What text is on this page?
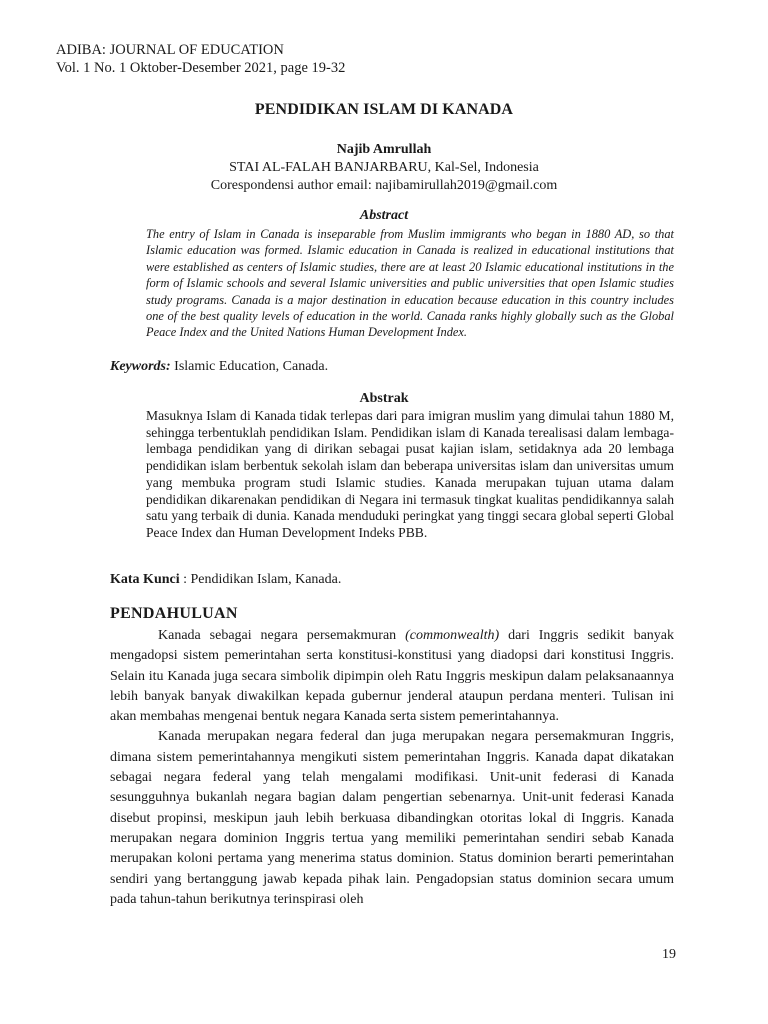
ADIBA: JOURNAL OF EDUCATION
Vol. 1 No. 1 Oktober-Desember 2021, page 19-32
PENDIDIKAN ISLAM DI KANADA
Najib Amrullah
STAI AL-FALAH BANJARBARU, Kal-Sel, Indonesia
Corespondensi author email: najibamirullah2019@gmail.com
Abstract
The entry of Islam in Canada is inseparable from Muslim immigrants who began in 1880 AD, so that Islamic education was formed. Islamic education in Canada is realized in educational institutions that were established as centers of Islamic studies, there are at least 20 Islamic educational institutions in the form of Islamic schools and several Islamic universities and public universities that open Islamic studies study programs. Canada is a major destination in education because education in this country includes one of the best quality levels of education in the world. Canada ranks highly globally such as the Global Peace Index and the United Nations Human Development Index.
Keywords: Islamic Education, Canada.
Abstrak
Masuknya Islam di Kanada tidak terlepas dari para imigran muslim yang dimulai tahun 1880 M, sehingga terbentuklah pendidikan Islam. Pendidikan islam di Kanada terealisasi dalam lembaga-lembaga pendidikan yang di dirikan sebagai pusat kajian islam, setidaknya ada 20 lembaga pendidikan islam berbentuk sekolah islam dan beberapa universitas islam dan universitas umum yang membuka program studi Islamic studies. Kanada merupakan tujuan utama dalam pendidikan dikarenakan pendidikan di Negara ini termasuk tingkat kualitas pendidikannya salah satu yang terbaik di dunia. Kanada menduduki peringkat yang tinggi secara global seperti Global Peace Index dan Human Development Indeks PBB.
Kata Kunci : Pendidikan Islam, Kanada.
PENDAHULUAN

Kanada sebagai negara persemakmuran (commonwealth) dari Inggris sedikit banyak mengadopsi sistem pemerintahan serta konstitusi-konstitusi yang diadopsi dari konstitusi Inggris. Selain itu Kanada juga secara simbolik dipimpin oleh Ratu Inggris meskipun dalam pelaksanaannya lebih banyak banyak diwakilkan kepada gubernur jenderal ataupun perdana menteri. Tulisan ini akan membahas mengenai bentuk negara Kanada serta sistem pemerintahannya.

Kanada merupakan negara federal dan juga merupakan negara persemakmuran Inggris, dimana sistem pemerintahannya mengikuti sistem pemerintahan Inggris. Kanada dapat dikatakan sebagai negara federal yang telah mengalami modifikasi. Unit-unit federasi di Kanada sesungguhnya bukanlah negara bagian dalam pengertian sebenarnya. Unit-unit federasi Kanada disebut propinsi, meskipun jauh lebih berkuasa dibandingkan otoritas lokal di Inggris. Kanada merupakan negara dominion Inggris tertua yang memiliki pemerintahan sendiri sebab Kanada merupakan koloni pertama yang menerima status dominion. Status dominion berarti pemerintahan sendiri yang bertanggung jawab kepada pihak lain. Pengadopsian status dominion secara umum pada tahun-tahun berikutnya terinspirasi oleh

19
